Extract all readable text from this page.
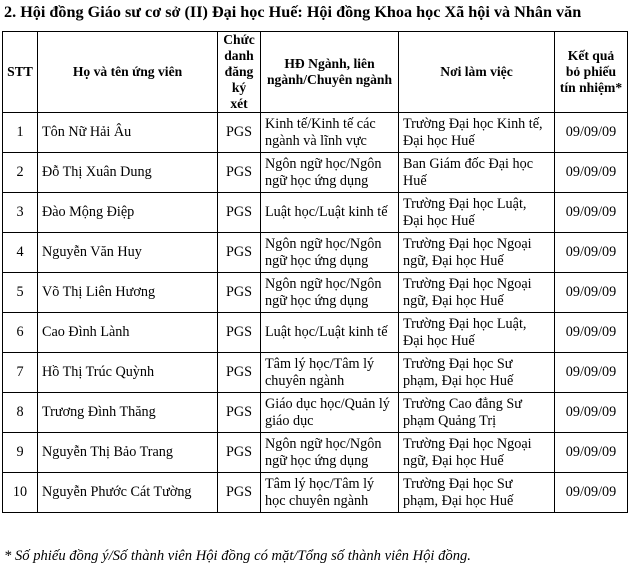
2. Hội đồng Giáo sư cơ sở (II) Đại học Huế: Hội đồng Khoa học Xã hội và Nhân văn
STT	Họ và tên ứng viên	Chức danh đăng ký xét	HĐ Ngành, liên ngành/Chuyên ngành	Nơi làm việc	Kết quả bỏ phiếu tín nhiệm*
1	Tôn Nữ Hải Âu	PGS	Kinh tế/Kinh tế các ngành và lĩnh vực	Trường Đại học Kinh tế, Đại học Huế	09/09/09
2	Đỗ Thị Xuân Dung	PGS	Ngôn ngữ học/Ngôn ngữ học ứng dụng	Ban Giám đốc Đại học Huế	09/09/09
3	Đào Mộng Điệp	PGS	Luật học/Luật kinh tế	Trường Đại học Luật, Đại học Huế	09/09/09
4	Nguyễn Văn Huy	PGS	Ngôn ngữ học/Ngôn ngữ học ứng dụng	Trường Đại học Ngoại ngữ, Đại học Huế	09/09/09
5	Võ Thị Liên Hương	PGS	Ngôn ngữ học/Ngôn ngữ học ứng dụng	Trường Đại học Ngoại ngữ, Đại học Huế	09/09/09
6	Cao Đình Lành	PGS	Luật học/Luật kinh tế	Trường Đại học Luật, Đại học Huế	09/09/09
7	Hồ Thị Trúc Quỳnh	PGS	Tâm lý học/Tâm lý chuyên ngành	Trường Đại học Sư phạm, Đại học Huế	09/09/09
8	Trương Đình Thăng	PGS	Giáo dục học/Quản lý giáo dục	Trường Cao đẳng Sư phạm Quảng Trị	09/09/09
9	Nguyễn Thị Bảo Trang	PGS	Ngôn ngữ học/Ngôn ngữ học ứng dụng	Trường Đại học Ngoại ngữ, Đại học Huế	09/09/09
10	Nguyễn Phước Cát Tường	PGS	Tâm lý học/Tâm lý học chuyên ngành	Trường Đại học Sư phạm, Đại học Huế	09/09/09
* Số phiếu đồng ý/Số thành viên Hội đồng có mặt/Tổng số thành viên Hội đồng.
